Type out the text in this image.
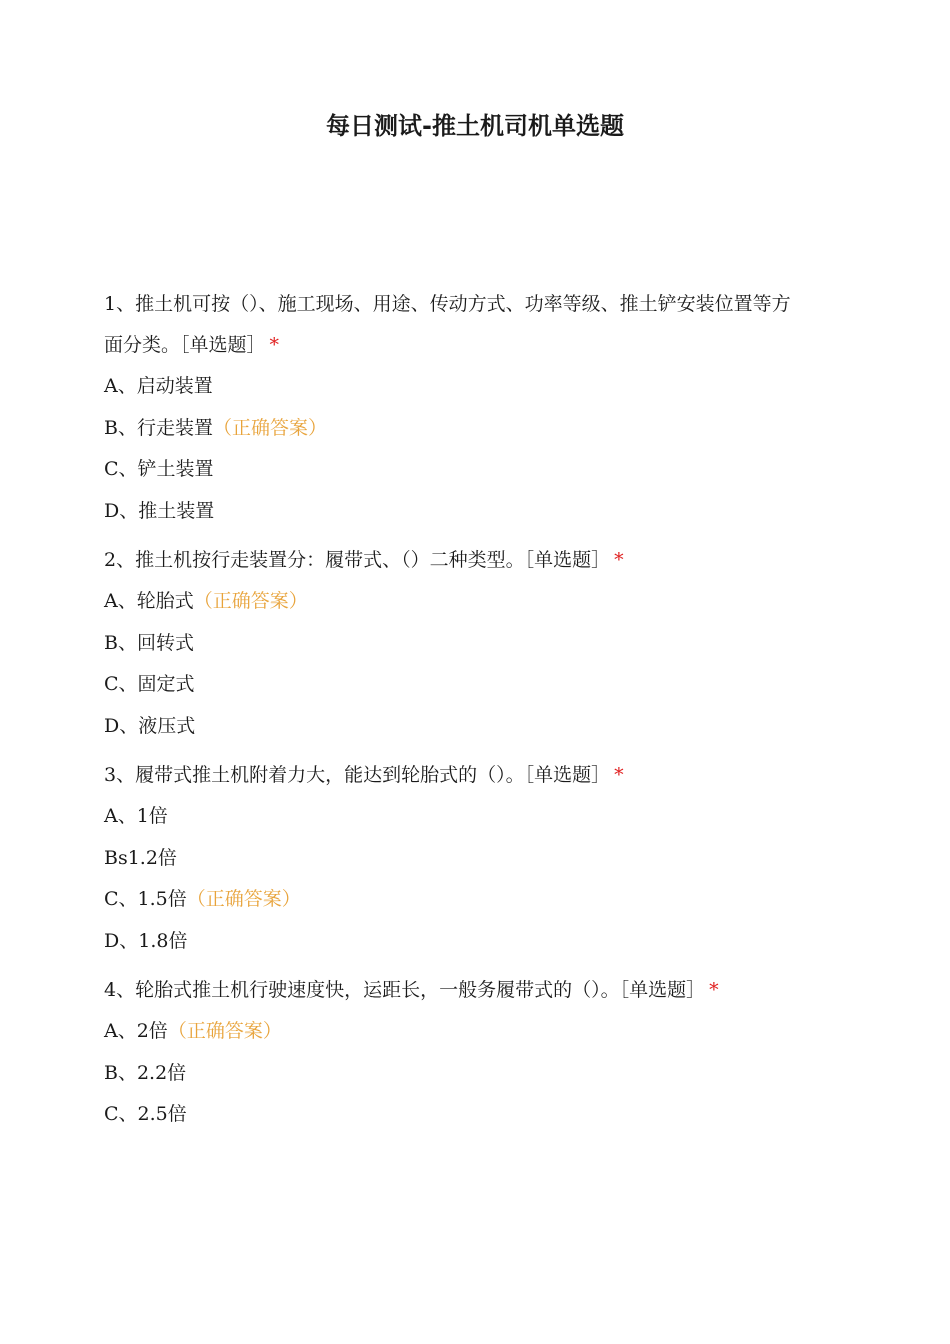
每日测试-推土机司机单选题

1、推土机可按（）、施工现场、用途、传动方式、功率等级、推土铲安装位置等方面分类。［单选题］ *

A、启动装置

B、行走装置（正确答案）

C、铲土装置

D、推土装置

2、推土机按行走装置分：履带式、（）二种类型。［单选题］ *

A、轮胎式（正确答案）

B、回转式

C、固定式

D、液压式

3、履带式推土机附着力大，能达到轮胎式的（）。［单选题］ *

A、1倍

Bs1.2倍

C、1.5倍（正确答案）

D、1.8倍

4、轮胎式推土机行驶速度快，运距长，一般务履带式的（）。［单选题］ *

A、2倍（正确答案）

B、2.2倍

C、2.5倍
